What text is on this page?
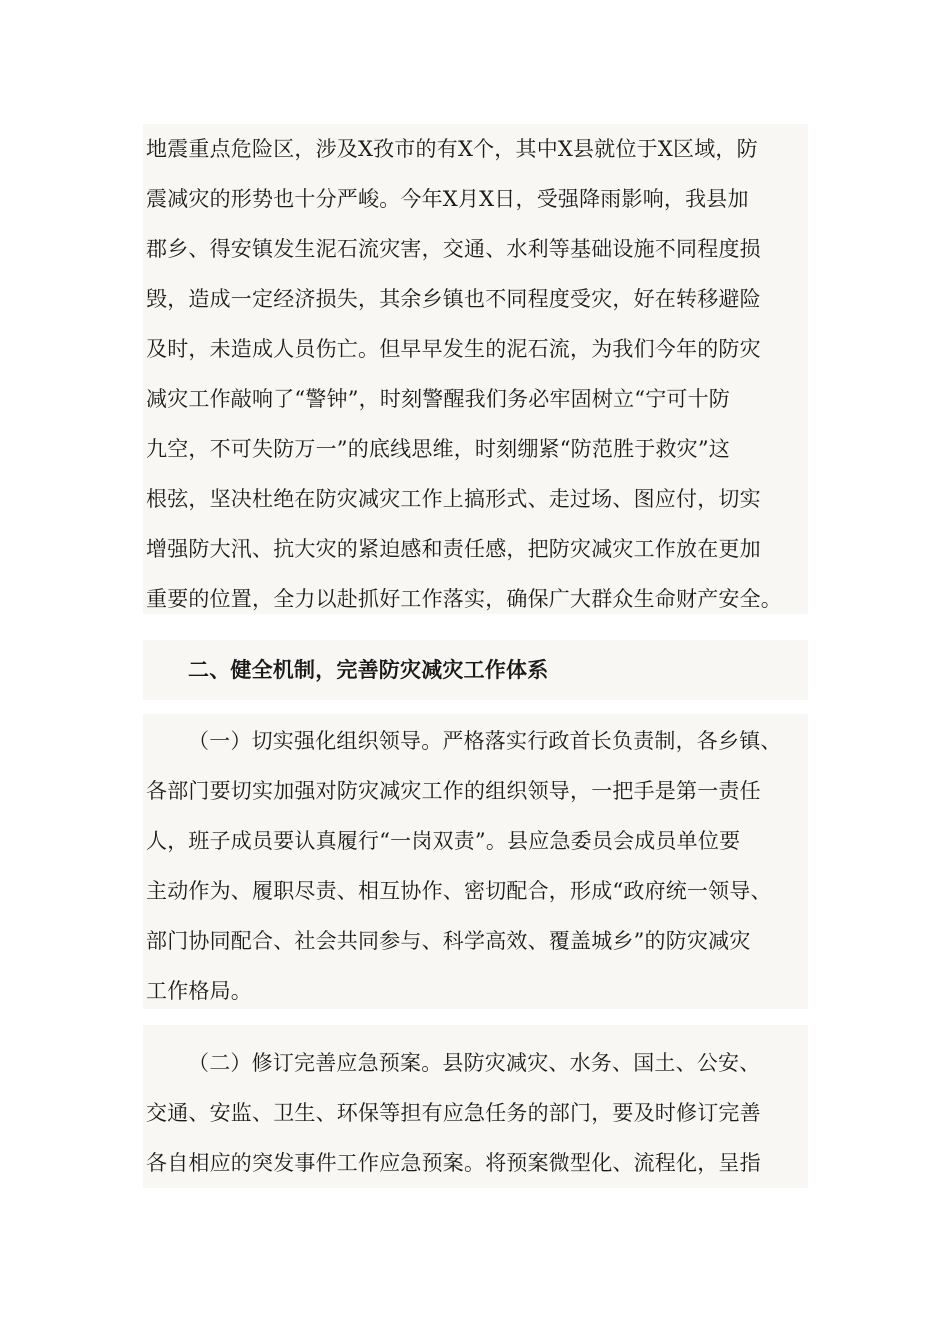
地震重点危险区，涉及X孜市的有X个，其中X县就位于X区域，防
震减灾的形势也十分严峻。今年X月X日，受强降雨影响，我县加
郡乡、得安镇发生泥石流灾害，交通、水利等基础设施不同程度损
毁，造成一定经济损失，其余乡镇也不同程度受灾，好在转移避险
及时，未造成人员伤亡。但早早发生的泥石流，为我们今年的防灾
减灾工作敲响了“警钟”，时刻警醒我们务必牢固树立“宁可十防
九空，不可失防万一”的底线思维，时刻绷紧“防范胜于救灾”这
根弦，坚决杜绝在防灾减灾工作上搞形式、走过场、图应付，切实
增强防大汛、抗大灾的紧迫感和责任感，把防灾减灾工作放在更加
重要的位置，全力以赴抓好工作落实，确保广大群众生命财产安全。
二、健全机制，完善防灾减灾工作体系
（一）切实强化组织领导。严格落实行政首长负责制，各乡镇、
各部门要切实加强对防灾减灾工作的组织领导，一把手是第一责任
人，班子成员要认真履行“一岗双责”。县应急委员会成员单位要
主动作为、履职尽责、相互协作、密切配合，形成“政府统一领导、
部门协同配合、社会共同参与、科学高效、覆盖城乡”的防灾减灾
工作格局。
（二）修订完善应急预案。县防灾减灾、水务、国土、公安、
交通、安监、卫生、环保等担有应急任务的部门，要及时修订完善
各自相应的突发事件工作应急预案。将预案微型化、流程化，呈指
